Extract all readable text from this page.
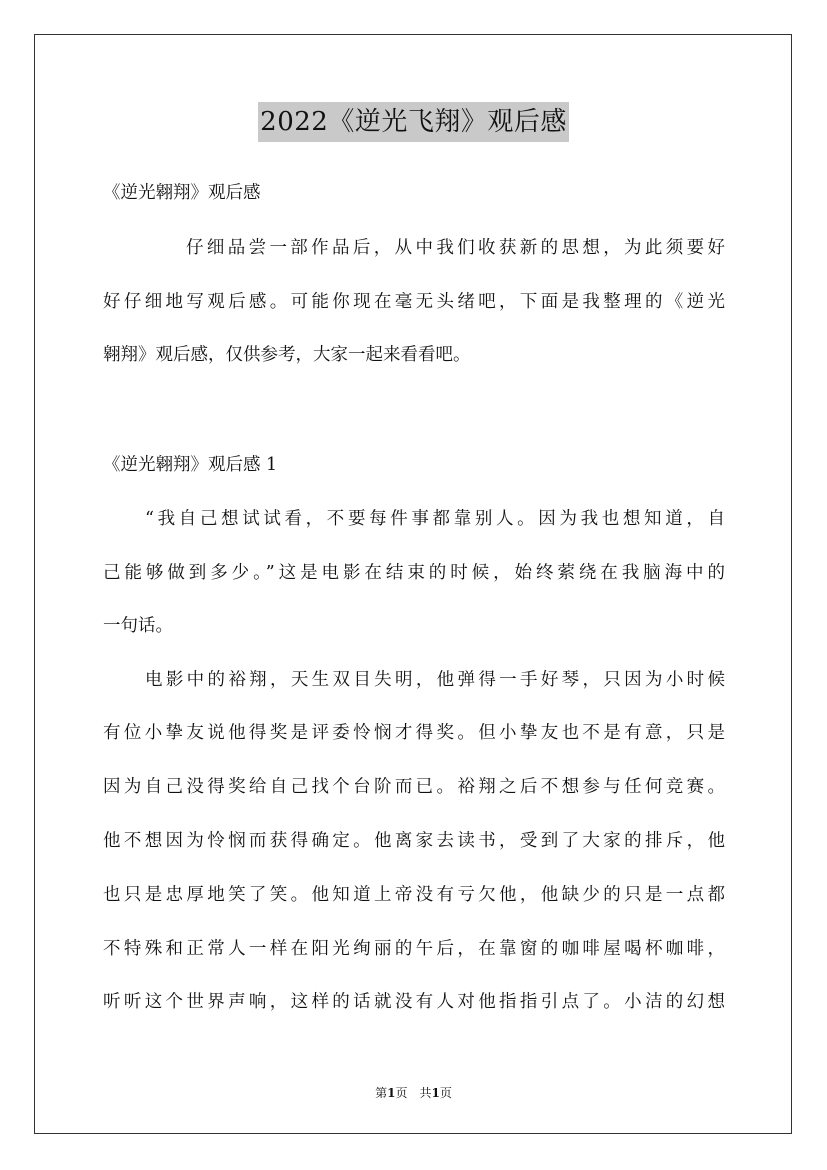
2022《逆光飞翔》观后感
《逆光翱翔》观后感
仔细品尝一部作品后，从中我们收获新的思想，为此须要好
好仔细地写观后感。可能你现在毫无头绪吧，下面是我整理的《逆光
翱翔》观后感，仅供参考，大家一起来看看吧。
《逆光翱翔》观后感 1
“我自己想试试看，不要每件事都靠别人。因为我也想知道，自
己能够做到多少。”这是电影在结束的时候，始终萦绕在我脑海中的
一句话。
电影中的裕翔，天生双目失明，他弹得一手好琴，只因为小时候
有位小挚友说他得奖是评委怜悯才得奖。但小挚友也不是有意，只是
因为自己没得奖给自己找个台阶而已。裕翔之后不想参与任何竞赛。
他不想因为怜悯而获得确定。他离家去读书，受到了大家的排斥，他
也只是忠厚地笑了笑。他知道上帝没有亏欠他，他缺少的只是一点都
不特殊和正常人一样在阳光绚丽的午后，在靠窗的咖啡屋喝杯咖啡，
听听这个世界声响，这样的话就没有人对他指指引点了。小洁的幻想
第1页　共1页
